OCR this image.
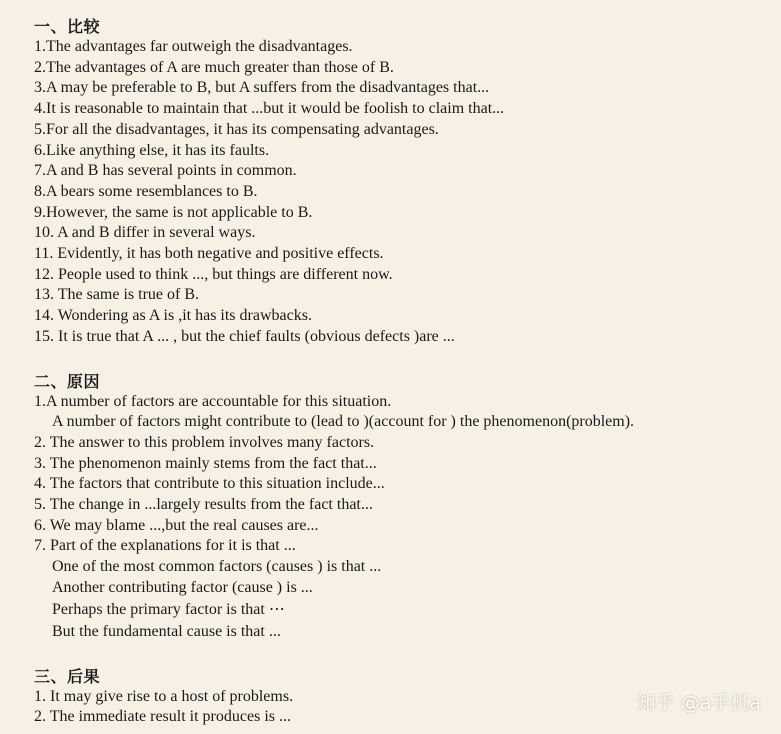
一、比较
1.The advantages far outweigh the disadvantages.
2.The advantages of A are much greater than those of B.
3.A may be preferable to B, but A suffers from the disadvantages that...
4.It is reasonable to maintain that ...but it would be foolish to claim that...
5.For all the disadvantages, it has its compensating advantages.
6.Like anything else, it has its faults.
7.A and B has several points in common.
8.A bears some resemblances to B.
9.However, the same is not applicable to B.
10. A and B differ in several ways.
11. Evidently, it has both negative and positive effects.
12. People used to think ..., but things are different now.
13. The same is true of B.
14. Wondering as A is ,it has its drawbacks.
15. It is true that A ... , but the chief faults (obvious defects )are ...
二、原因
1.A number of factors are accountable for this situation.
A number of factors might contribute to (lead to )(account for ) the phenomenon(problem).
2. The answer to this problem involves many factors.
3. The phenomenon mainly stems from the fact that...
4. The factors that contribute to this situation include...
5. The change in ...largely results from the fact that...
6. We may blame ...,but the real causes are...
7. Part of the explanations for it is that ...
One of the most common factors (causes ) is that ...
Another contributing factor (cause ) is ...
Perhaps the primary factor is that ⋯
But the fundamental cause is that ...
三、后果
1. It may give rise to a host of problems.
2. The immediate result it produces is ...
知乎 @a手机a
